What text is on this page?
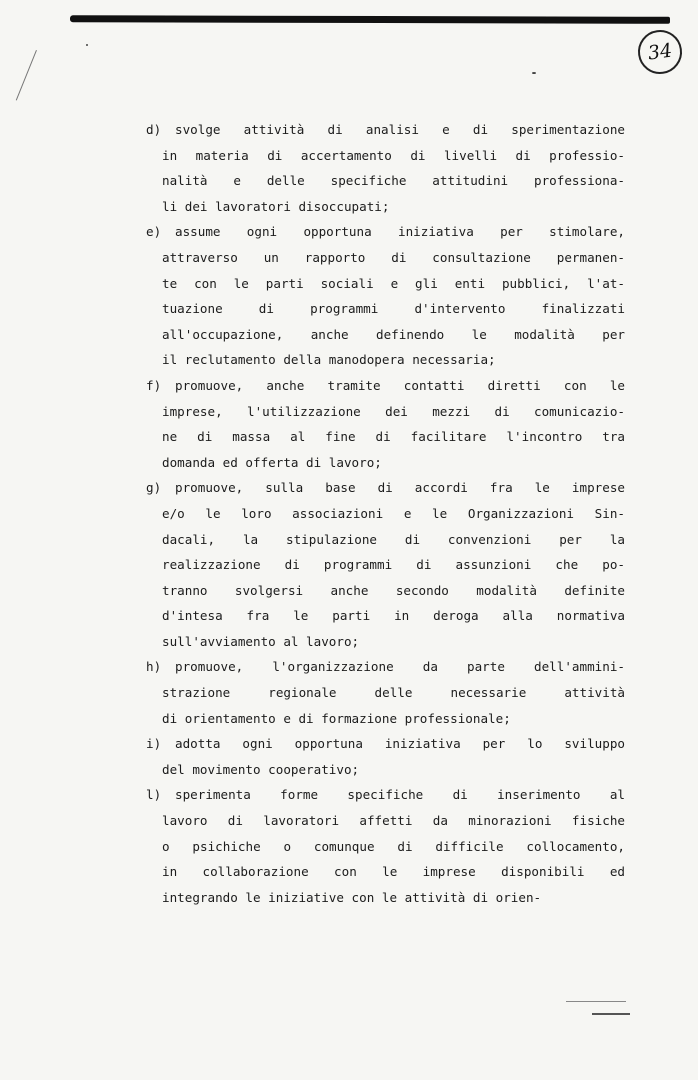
34
d) svolge attività di analisi e di sperimentazione
in materia di accertamento di livelli di professio-
nalità e delle specifiche attitudini professiona-
li dei lavoratori disoccupati;
e) assume ogni opportuna iniziativa per stimolare,
attraverso un rapporto di consultazione permanen-
te con le parti sociali e gli enti pubblici, l'at-
tuazione di programmi d'intervento finalizzati
all'occupazione, anche definendo le modalità per
il reclutamento della manodopera necessaria;
f) promuove, anche tramite contatti diretti con le
imprese, l'utilizzazione dei mezzi di comunicazio-
ne di massa al fine di facilitare l'incontro tra
domanda ed offerta di lavoro;
g) promuove, sulla base di accordi fra le imprese
e/o le loro associazioni e le Organizzazioni Sin-
dacali, la stipulazione di convenzioni per la
realizzazione di programmi di assunzioni che po-
tranno svolgersi anche secondo modalità definite
d'intesa fra le parti in deroga alla normativa
sull'avviamento al lavoro;
h) promuove, l'organizzazione da parte dell'ammini-
strazione regionale delle necessarie attività
di orientamento e di formazione professionale;
i) adotta ogni opportuna iniziativa per lo sviluppo
del movimento cooperativo;
l) sperimenta forme specifiche di inserimento al
lavoro di lavoratori affetti da minorazioni fisiche
o psichiche o comunque di difficile collocamento,
in collaborazione con le imprese disponibili ed
integrando le iniziative con le attività di orien-
